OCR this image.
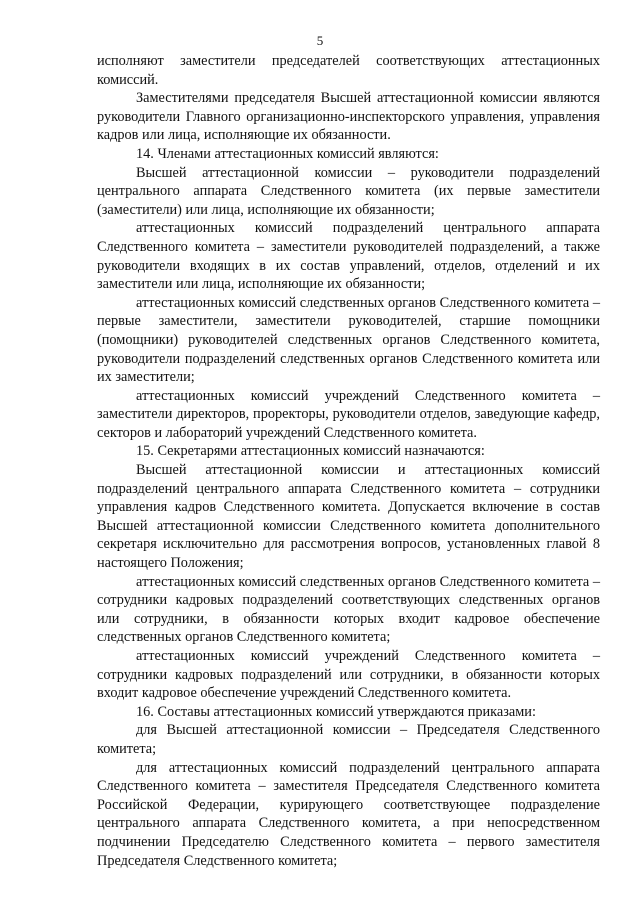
5

исполняют заместители председателей соответствующих аттестационных комиссий.

Заместителями председателя Высшей аттестационной комиссии являются руководители Главного организационно-инспекторского управления, управления кадров или лица, исполняющие их обязанности.

14. Членами аттестационных комиссий являются:

Высшей аттестационной комиссии – руководители подразделений центрального аппарата Следственного комитета (их первые заместители (заместители) или лица, исполняющие их обязанности;

аттестационных комиссий подразделений центрального аппарата Следственного комитета – заместители руководителей подразделений, а также руководители входящих в их состав управлений, отделов, отделений и их заместители или лица, исполняющие их обязанности;

аттестационных комиссий следственных органов Следственного комитета – первые заместители, заместители руководителей, старшие помощники (помощники) руководителей следственных органов Следственного комитета, руководители подразделений следственных органов Следственного комитета или их заместители;

аттестационных комиссий учреждений Следственного комитета – заместители директоров, проректоры, руководители отделов, заведующие кафедр, секторов и лабораторий учреждений Следственного комитета.

15. Секретарями аттестационных комиссий назначаются:

Высшей аттестационной комиссии и аттестационных комиссий подразделений центрального аппарата Следственного комитета – сотрудники управления кадров Следственного комитета. Допускается включение в состав Высшей аттестационной комиссии Следственного комитета дополнительного секретаря исключительно для рассмотрения вопросов, установленных главой 8 настоящего Положения;

аттестационных комиссий следственных органов Следственного комитета – сотрудники кадровых подразделений соответствующих следственных органов или сотрудники, в обязанности которых входит кадровое обеспечение следственных органов Следственного комитета;

аттестационных комиссий учреждений Следственного комитета – сотрудники кадровых подразделений или сотрудники, в обязанности которых входит кадровое обеспечение учреждений Следственного комитета.

16. Составы аттестационных комиссий утверждаются приказами:

для Высшей аттестационной комиссии – Председателя Следственного комитета;

для аттестационных комиссий подразделений центрального аппарата Следственного комитета – заместителя Председателя Следственного комитета Российской Федерации, курирующего соответствующее подразделение центрального аппарата Следственного комитета, а при непосредственном подчинении Председателю Следственного комитета – первого заместителя Председателя Следственного комитета;
